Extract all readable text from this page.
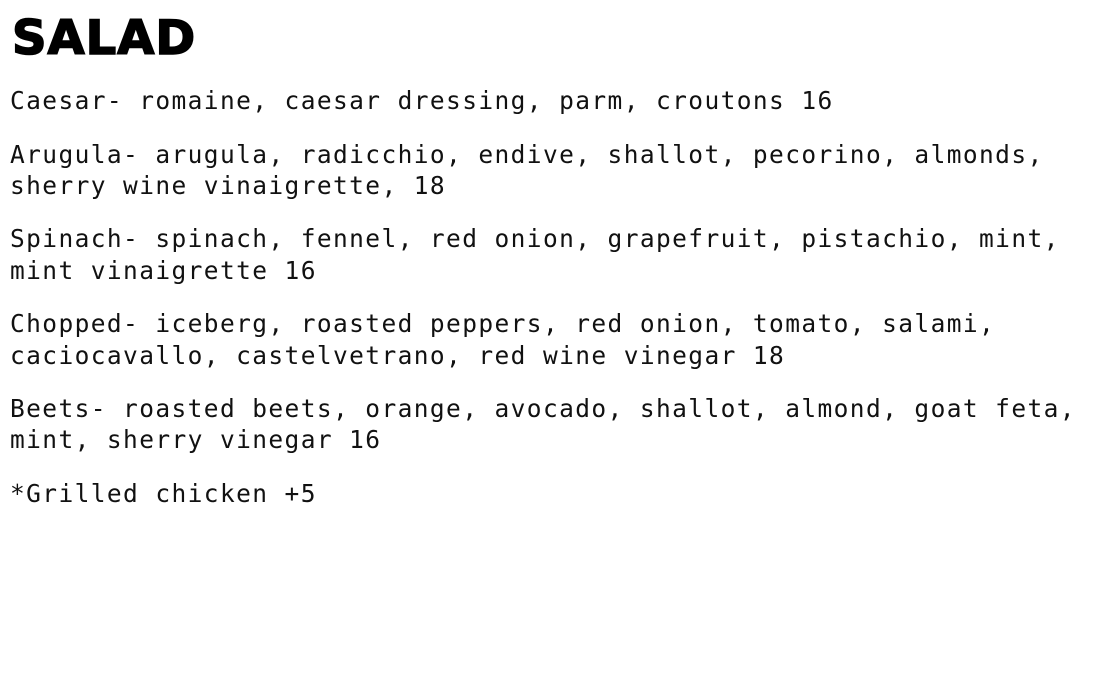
SALAD

Caesar- romaine, caesar dressing, parm, croutons 16

Arugula- arugula, radicchio, endive, shallot, pecorino, almonds, sherry wine vinaigrette, 18

Spinach- spinach, fennel, red onion, grapefruit, pistachio, mint, mint vinaigrette 16

Chopped- iceberg, roasted peppers, red onion, tomato, salami, caciocavallo, castelvetrano, red wine vinegar 18

Beets- roasted beets, orange, avocado, shallot, almond, goat feta, mint, sherry vinegar 16

*Grilled chicken +5
